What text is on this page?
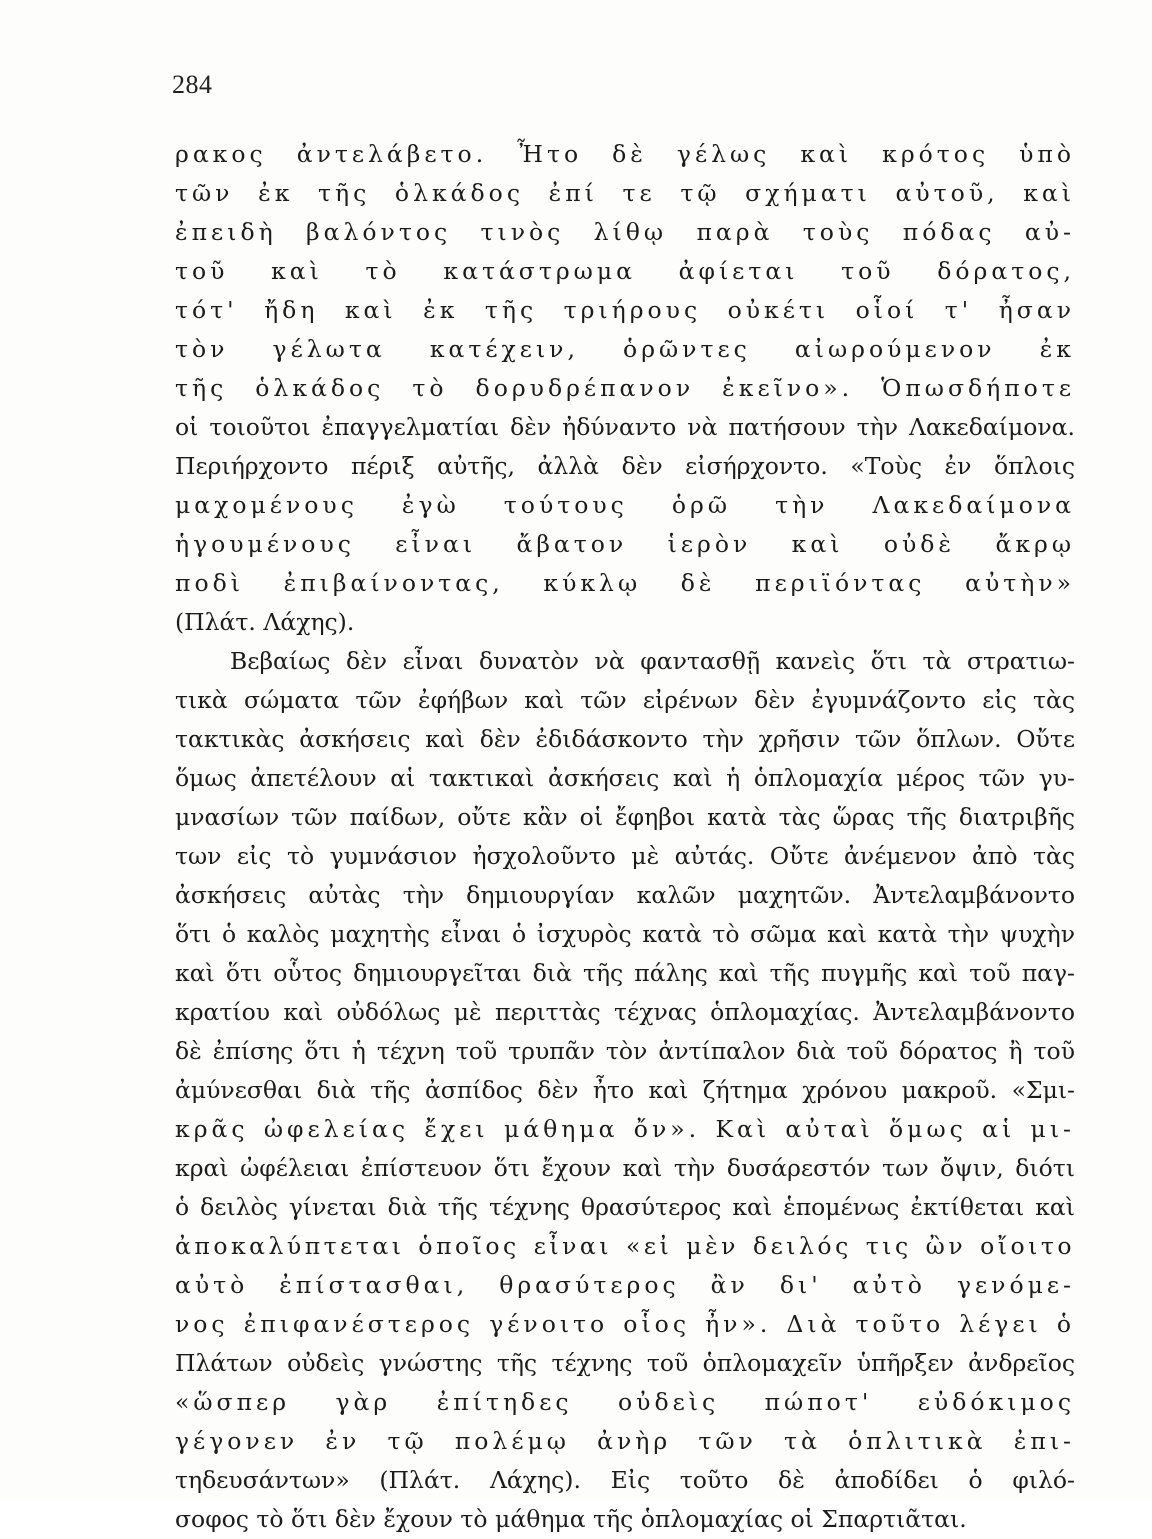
284
ρακος ἀντελάβετο. Ἦτο δὲ γέλως καὶ κρότος ὑπὸ
τῶν ἐκ τῆς ὁλκάδος ἐπί τε τῷ σχήματι αὐτοῦ, καὶ
ἐπειδὴ βαλόντος τινὸς λίθῳ παρὰ τοὺς πόδας αὐ-
τοῦ καὶ τὸ κατάστρωμα ἀφίεται τοῦ δόρατος,
τότ' ἤδη καὶ ἐκ τῆς τριήρους οὐκέτι οἷοί τ' ἦσαν
τὸν γέλωτα κατέχειν, ὁρῶντες αἰωρούμενον ἐκ
τῆς ὁλκάδος τὸ δορυδρέπανον ἐκεῖνο». Ὁπωσδήποτε
οἱ τοιοῦτοι ἐπαγγελματίαι δὲν ἠδύναντο νὰ πατήσουν τὴν Λακεδαίμονα.
Περιήρχοντο πέριξ αὐτῆς, ἀλλὰ δὲν εἰσήρχοντο. «Τοὺς ἐν ὅπλοις
μαχομένους ἐγὼ τούτους ὁρῶ τὴν Λακεδαίμονα
ἡγουμένους εἶναι ἄβατον ἱερὸν καὶ οὐδὲ ἄκρῳ
ποδὶ ἐπιβαίνοντας, κύκλῳ δὲ περιϊόντας αὐτὴν»
(Πλάτ. Λάχης).
Βεβαίως δὲν εἶναι δυνατὸν νὰ φαντασθῇ κανεὶς ὅτι τὰ στρατιω-
τικὰ σώματα τῶν ἐφήβων καὶ τῶν εἰρένων δὲν ἐγυμνάζοντο εἰς τὰς
τακτικὰς ἀσκήσεις καὶ δὲν ἐδιδάσκοντο τὴν χρῆσιν τῶν ὅπλων. Οὔτε
ὅμως ἀπετέλουν αἱ τακτικαὶ ἀσκήσεις καὶ ἡ ὁπλομαχία μέρος τῶν γυ-
μνασίων τῶν παίδων, οὔτε κἂν οἱ ἔφηβοι κατὰ τὰς ὥρας τῆς διατριβῆς
των εἰς τὸ γυμνάσιον ἠσχολοῦντο μὲ αὐτάς. Οὔτε ἀνέμενον ἀπὸ τὰς
ἀσκήσεις αὐτὰς τὴν δημιουργίαν καλῶν μαχητῶν. Ἀντελαμβάνοντο
ὅτι ὁ καλὸς μαχητὴς εἶναι ὁ ἰσχυρὸς κατὰ τὸ σῶμα καὶ κατὰ τὴν ψυχὴν
καὶ ὅτι οὗτος δημιουργεῖται διὰ τῆς πάλης καὶ τῆς πυγμῆς καὶ τοῦ παγ-
κρατίου καὶ οὐδόλως μὲ περιττὰς τέχνας ὁπλομαχίας. Ἀντελαμβάνοντο
δὲ ἐπίσης ὅτι ἡ τέχνη τοῦ τρυπᾶν τὸν ἀντίπαλον διὰ τοῦ δόρατος ἢ τοῦ
ἀμύνεσθαι διὰ τῆς ἀσπίδος δὲν ἦτο καὶ ζήτημα χρόνου μακροῦ. «Σμι-
κρᾶς ὠφελείας ἔχει μάθημα ὄν». Καὶ αὐταὶ ὅμως αἱ μι-
κραὶ ὠφέλειαι ἐπίστευον ὅτι ἔχουν καὶ τὴν δυσάρεστόν των ὄψιν, διότι
ὁ δειλὸς γίνεται διὰ τῆς τέχνης θρασύτερος καὶ ἑπομένως ἐκτίθεται καὶ
ἀποκαλύπτεται ὁποῖος εἶναι «εἰ μὲν δειλός τις ὢν οἴοιτο
αὐτὸ ἐπίστασθαι, θρασύτερος ἂν δι' αὐτὸ γενόμε-
νος ἐπιφανέστερος γένοιτο οἷος ἦν». Διὰ τοῦτο λέγει ὁ
Πλάτων οὐδεὶς γνώστης τῆς τέχνης τοῦ ὁπλομαχεῖν ὑπῆρξεν ἀνδρεῖος
«ὥσπερ γὰρ ἐπίτηδες οὐδεὶς πώποτ' εὐδόκιμος
γέγονεν ἐν τῷ πολέμῳ ἀνὴρ τῶν τὰ ὁπλιτικὰ ἐπι-
τηδευσάντων» (Πλάτ. Λάχης). Εἰς τοῦτο δὲ ἀποδίδει ὁ φιλό-
σοφος τὸ ὅτι δὲν ἔχουν τὸ μάθημα τῆς ὁπλομαχίας οἱ Σπαρτιᾶται.
